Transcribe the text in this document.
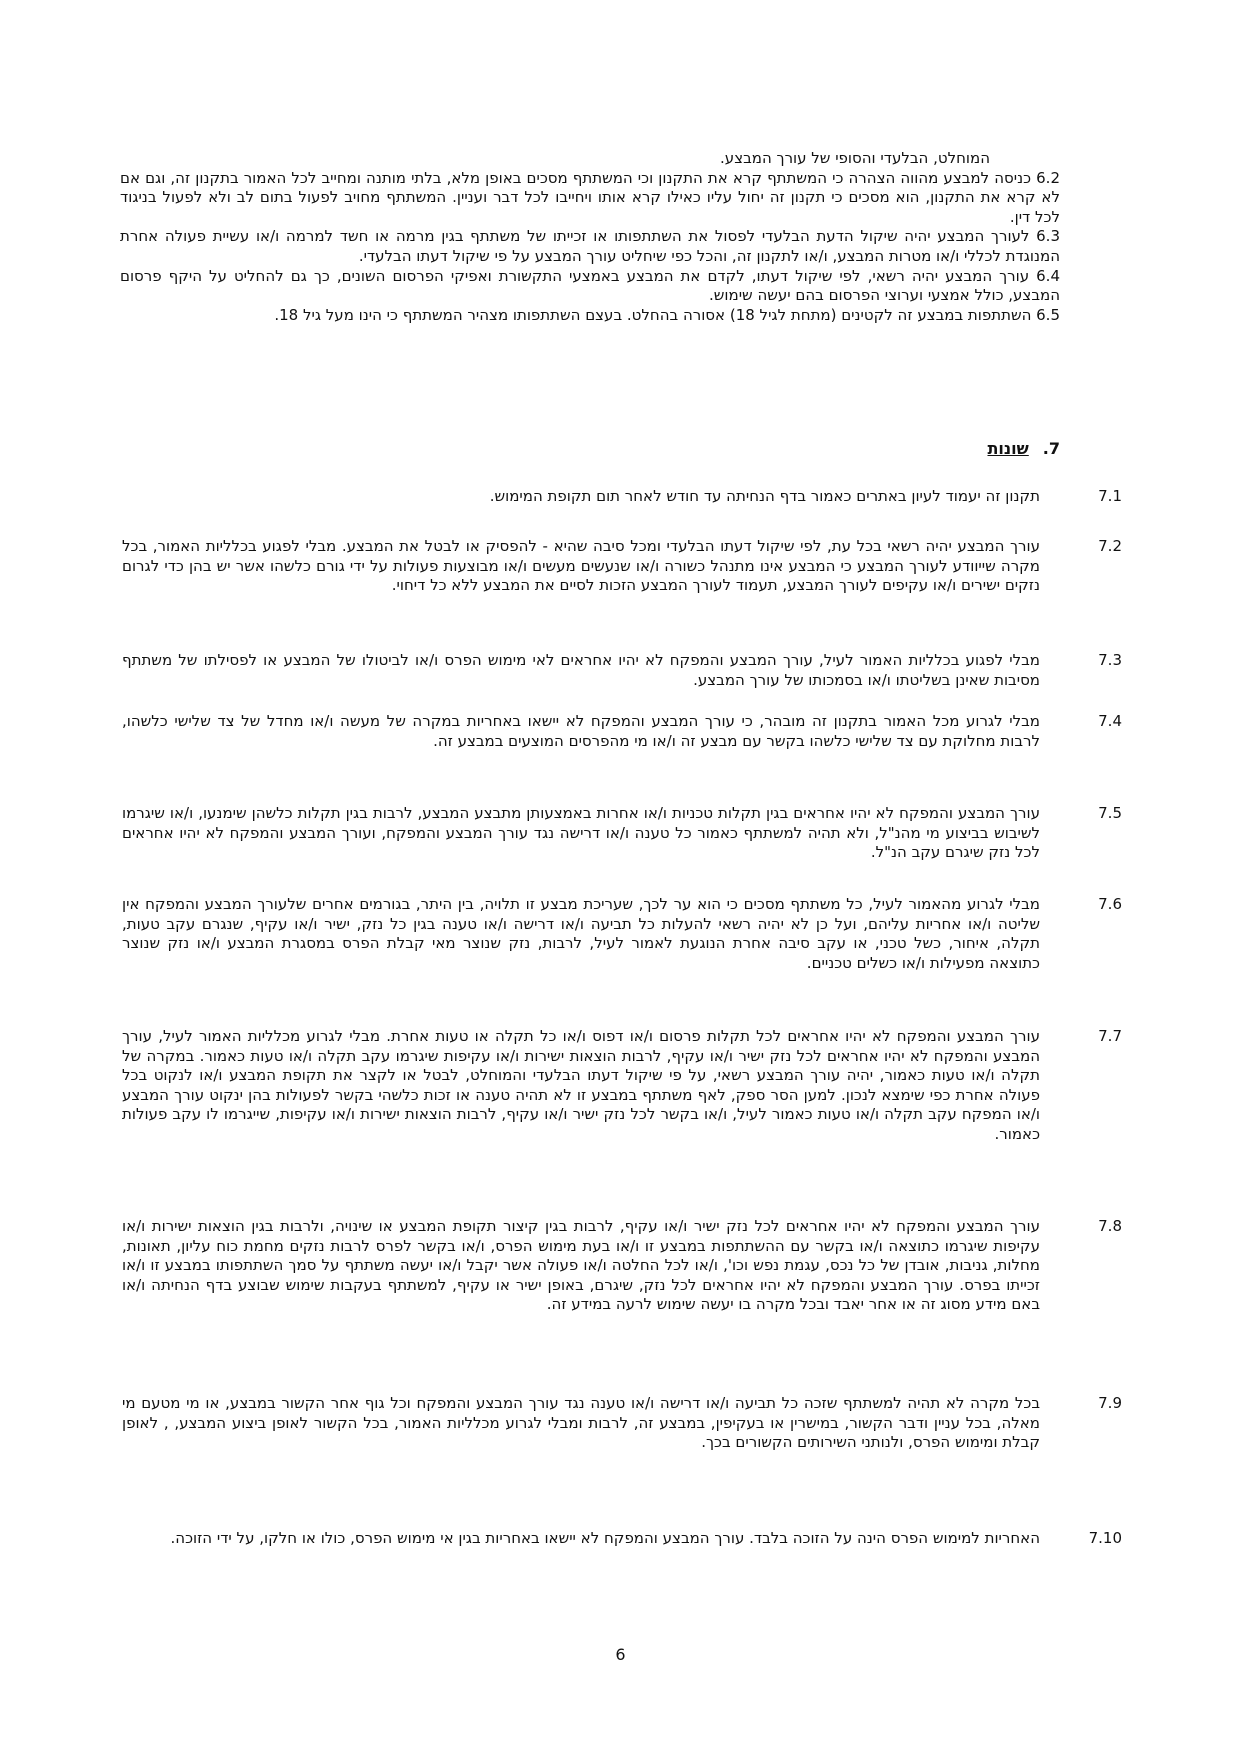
המוחלט, הבלעדי והסופי של עורך המבצע.

6.2 כניסה למבצע מהווה הצהרה כי המשתתף קרא את התקנון וכי המשתתף מסכים באופן מלא, בלתי מותנה ומחייב לכל האמור בתקנון זה, וגם אם לא קרא את התקנון, הוא מסכים כי תקנון זה יחול עליו כאילו קרא אותו ויחייבו לכל דבר ועניין. המשתתף מחויב לפעול בתום לב ולא לפעול בניגוד לכל דין.

6.3 לעורך המבצע יהיה שיקול הדעת הבלעדי לפסול את השתתפותו או זכייתו של משתתף בגין מרמה או חשד למרמה ו/או עשיית פעולה אחרת המנוגדת לכללי ו/או מטרות המבצע, ו/או לתקנון זה, והכל כפי שיחליט עורך המבצע על פי שיקול דעתו הבלעדי.

6.4 עורך המבצע יהיה רשאי, לפי שיקול דעתו, לקדם את המבצע באמצעי התקשורת ואפיקי הפרסום השונים, כך גם להחליט על היקף פרסום המבצע, כולל אמצעי וערוצי הפרסום בהם יעשה שימוש.

6.5 השתתפות במבצע זה לקטינים (מתחת לגיל 18) אסורה בהחלט. בעצם השתתפותו מצהיר המשתתף כי הינו מעל גיל 18.

7.שונות
7.1
תקנון זה יעמוד לעיון באתרים כאמור בדף הנחיתה עד חודש לאחר תום תקופת המימוש.
7.2
עורך המבצע יהיה רשאי בכל עת, לפי שיקול דעתו הבלעדי ומכל סיבה שהיא - להפסיק או לבטל את המבצע. מבלי לפגוע בכלליות האמור, בכל מקרה שייוודע לעורך המבצע כי המבצע אינו מתנהל כשורה ו/או שנעשים מעשים ו/או מבוצעות פעולות על ידי גורם כלשהו אשר יש בהן כדי לגרום נזקים ישירים ו/או עקיפים לעורך המבצע, תעמוד לעורך המבצע הזכות לסיים את המבצע ללא כל דיחוי.
7.3
מבלי לפגוע בכלליות האמור לעיל, עורך המבצע והמפקח לא יהיו אחראים לאי מימוש הפרס ו/או לביטולו של המבצע או לפסילתו של משתתף מסיבות שאינן בשליטתו ו/או בסמכותו של עורך המבצע.
7.4
מבלי לגרוע מכל האמור בתקנון זה מובהר, כי עורך המבצע והמפקח לא יישאו באחריות במקרה של מעשה ו/או מחדל של צד שלישי כלשהו, לרבות מחלוקת עם צד שלישי כלשהו בקשר עם מבצע זה ו/או מי מהפרסים המוצעים במבצע זה.
7.5
עורך המבצע והמפקח לא יהיו אחראים בגין תקלות טכניות ו/או אחרות באמצעותן מתבצע המבצע, לרבות בגין תקלות כלשהן שימנעו, ו/או שיגרמו לשיבוש בביצוע מי מהנ"ל, ולא תהיה למשתתף כאמור כל טענה ו/או דרישה נגד עורך המבצע והמפקח, ועורך המבצע והמפקח לא יהיו אחראים לכל נזק שיגרם עקב הנ"ל.
7.6
מבלי לגרוע מהאמור לעיל, כל משתתף מסכים כי הוא ער לכך, שעריכת מבצע זו תלויה, בין היתר, בגורמים אחרים שלעורך המבצע והמפקח אין שליטה ו/או אחריות עליהם, ועל כן לא יהיה רשאי להעלות כל תביעה ו/או דרישה ו/או טענה בגין כל נזק, ישיר ו/או עקיף, שנגרם עקב טעות, תקלה, איחור, כשל טכני, או עקב סיבה אחרת הנוגעת לאמור לעיל, לרבות, נזק שנוצר מאי קבלת הפרס במסגרת המבצע ו/או נזק שנוצר כתוצאה מפעילות ו/או כשלים טכניים.
7.7
עורך המבצע והמפקח לא יהיו אחראים לכל תקלות פרסום ו/או דפוס ו/או כל תקלה או טעות אחרת. מבלי לגרוע מכלליות האמור לעיל, עורך המבצע והמפקח לא יהיו אחראים לכל נזק ישיר ו/או עקיף, לרבות הוצאות ישירות ו/או עקיפות שיגרמו עקב תקלה ו/או טעות כאמור. במקרה של תקלה ו/או טעות כאמור, יהיה עורך המבצע רשאי, על פי שיקול דעתו הבלעדי והמוחלט, לבטל או לקצר את תקופת המבצע ו/או לנקוט בכל פעולה אחרת כפי שימצא לנכון. למען הסר ספק, לאף משתתף במבצע זו לא תהיה טענה או זכות כלשהי בקשר לפעולות בהן ינקוט עורך המבצע ו/או המפקח עקב תקלה ו/או טעות כאמור לעיל, ו/או בקשר לכל נזק ישיר ו/או עקיף, לרבות הוצאות ישירות ו/או עקיפות, שייגרמו לו עקב פעולות כאמור.
7.8
עורך המבצע והמפקח לא יהיו אחראים לכל נזק ישיר ו/או עקיף, לרבות בגין קיצור תקופת המבצע או שינויה, ולרבות בגין הוצאות ישירות ו/או עקיפות שיגרמו כתוצאה ו/או בקשר עם ההשתתפות במבצע זו ו/או בעת מימוש הפרס, ו/או בקשר לפרס לרבות נזקים מחמת כוח עליון, תאונות, מחלות, גניבות, אובדן של כל נכס, עגמת נפש וכו', ו/או לכל החלטה ו/או פעולה אשר יקבל ו/או יעשה משתתף על סמך השתתפותו במבצע זו ו/או זכייתו בפרס. עורך המבצע והמפקח לא יהיו אחראים לכל נזק, שיגרם, באופן ישיר או עקיף, למשתתף בעקבות שימוש שבוצע בדף הנחיתה ו/או באם מידע מסוג זה או אחר יאבד ובכל מקרה בו יעשה שימוש לרעה במידע זה.
7.9
בכל מקרה לא תהיה למשתתף שזכה כל תביעה ו/או דרישה ו/או טענה נגד עורך המבצע והמפקח וכל גוף אחר הקשור במבצע, או מי מטעם מי מאלה, בכל עניין ודבר הקשור, במישרין או בעקיפין, במבצע זה, לרבות ומבלי לגרוע מכלליות האמור, בכל הקשור לאופן ביצוע המבצע, , לאופן קבלת ומימוש הפרס, ולנותני השירותים הקשורים בכך.
7.10
האחריות למימוש הפרס הינה על הזוכה בלבד. עורך המבצע והמפקח לא יישאו באחריות בגין אי מימוש הפרס, כולו או חלקו, על ידי הזוכה.
6
